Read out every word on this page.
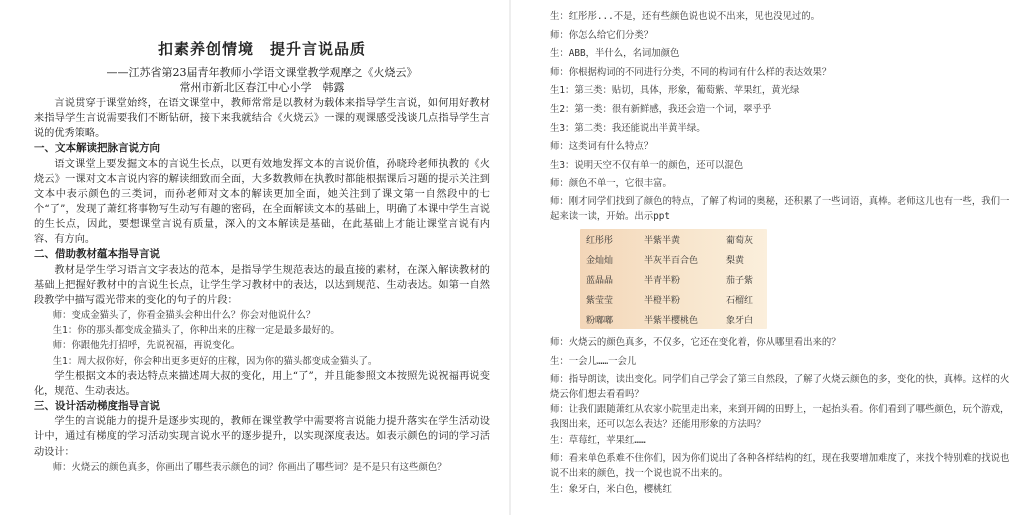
扣素养创情境　提升言说品质
——江苏省第23届青年教师小学语文课堂教学观摩之《火烧云》
常州市新北区春江中心小学　韩露

言说贯穿于课堂始终，在语文课堂中，教师常常是以教材为载体来指导学生言说，如何用好教材来指导学生言说需要我们不断钻研，接下来我就结合《火烧云》一课的观课感受浅谈几点指导学生言说的优秀策略。

一、文本解读把脉言说方向

语文课堂上要发掘文本的言说生长点，以更有效地发挥文本的言说价值，孙晓玲老师执教的《火烧云》一课对文本言说内容的解读细致而全面，大多数教师在执教时都能根据课后习题的提示关注到文本中表示颜色的三类词，而孙老师对文本的解读更加全面，她关注到了课文第一自然段中的七个“了”，发现了萧红将事物写生动写有趣的密码，在全面解读文本的基础上，明确了本课中学生言说的生长点，因此，要想课堂言说有质量，深入的文本解读是基础，在此基础上才能让课堂言说有内容、有方向。

二、借助教材蕴本指导言说

教材是学生学习语言文字表达的范本，是指导学生规范表达的最直接的素材，在深入解读教材的基础上把握好教材中的言说生长点，让学生学习教材中的表达，以达到规范、生动表达。如第一自然段教学中描写霞光带来的变化的句子的片段：

师：变成金猫头了，你看金猫头会种出什么？你会对他说什么？

生1：你的那头都变成金猫头了，你种出来的庄稼一定是最多最好的。

师：你跟他先打招呼，先说祝福，再说变化。

生1：周大叔你好，你会种出更多更好的庄稼，因为你的猫头都变成金猫头了。

学生根据文本的表达特点来描述周大叔的变化，用上“了”，并且能参照文本按照先说祝福再说变化，规范、生动表达。

三、设计活动梯度指导言说

学生的言说能力的提升是逐步实现的，教师在课堂教学中需要将言说能力提升落实在学生活动设计中，通过有梯度的学习活动实现言说水平的逐步提升，以实现深度表达。如表示颜色的词的学习活动设计：

师：火烧云的颜色真多，你画出了哪些表示颜色的词？你画出了哪些词？是不是只有这些颜色？

生：红彤彤...不是，还有些颜色说也说不出来，见也没见过的。

师：你怎么给它们分类？

生：ABB，半什么，名词加颜色

师：你根据构词的不同进行分类，不同的构词有什么样的表达效果？

生1：第三类：贴切，具体，形象，葡萄紫、苹果红，黄光绿

生2：第一类：很有新鲜感，我还会造一个词，翠乎乎

生3：第二类：我还能说出半黄半绿。

师：这类词有什么特点？

生3：说明天空不仅有单一的颜色，还可以混色

师：颜色不单一，它很丰富。

师：刚才同学们找到了颜色的特点，了解了构词的奥秘，还积累了一些词语，真棒。老师这儿也有一些，我们一起来读一读，开始。出示ppt

红彤彤	半紫半黄	葡萄灰
金灿灿	半灰半百合色	梨黄
蓝晶晶	半青半粉	茄子紫
紫莹莹	半橙半粉	石榴红
粉嘟嘟	半紫半樱桃色	象牙白

师：火烧云的颜色真多，不仅多，它还在变化着，你从哪里看出来的？

生：一会儿……一会儿

师：指导朗读，读出变化。同学们自己学会了第三自然段，了解了火烧云颜色的多，变化的快，真棒。这样的火烧云你们想去看看吗？

师：让我们跟随萧红从农家小院里走出来，来到开阔的田野上，一起抬头看。你们看到了哪些颜色，玩个游戏，我图出来，还可以怎么表达？还能用形象的方法吗？

生：草莓红，苹果红……

师：看来单色系难不住你们，因为你们说出了各种各样结构的红，现在我要增加难度了，来找个特别难的找说也说不出来的颜色，找一个说也说不出来的。

生：象牙白，米白色，樱桃红
